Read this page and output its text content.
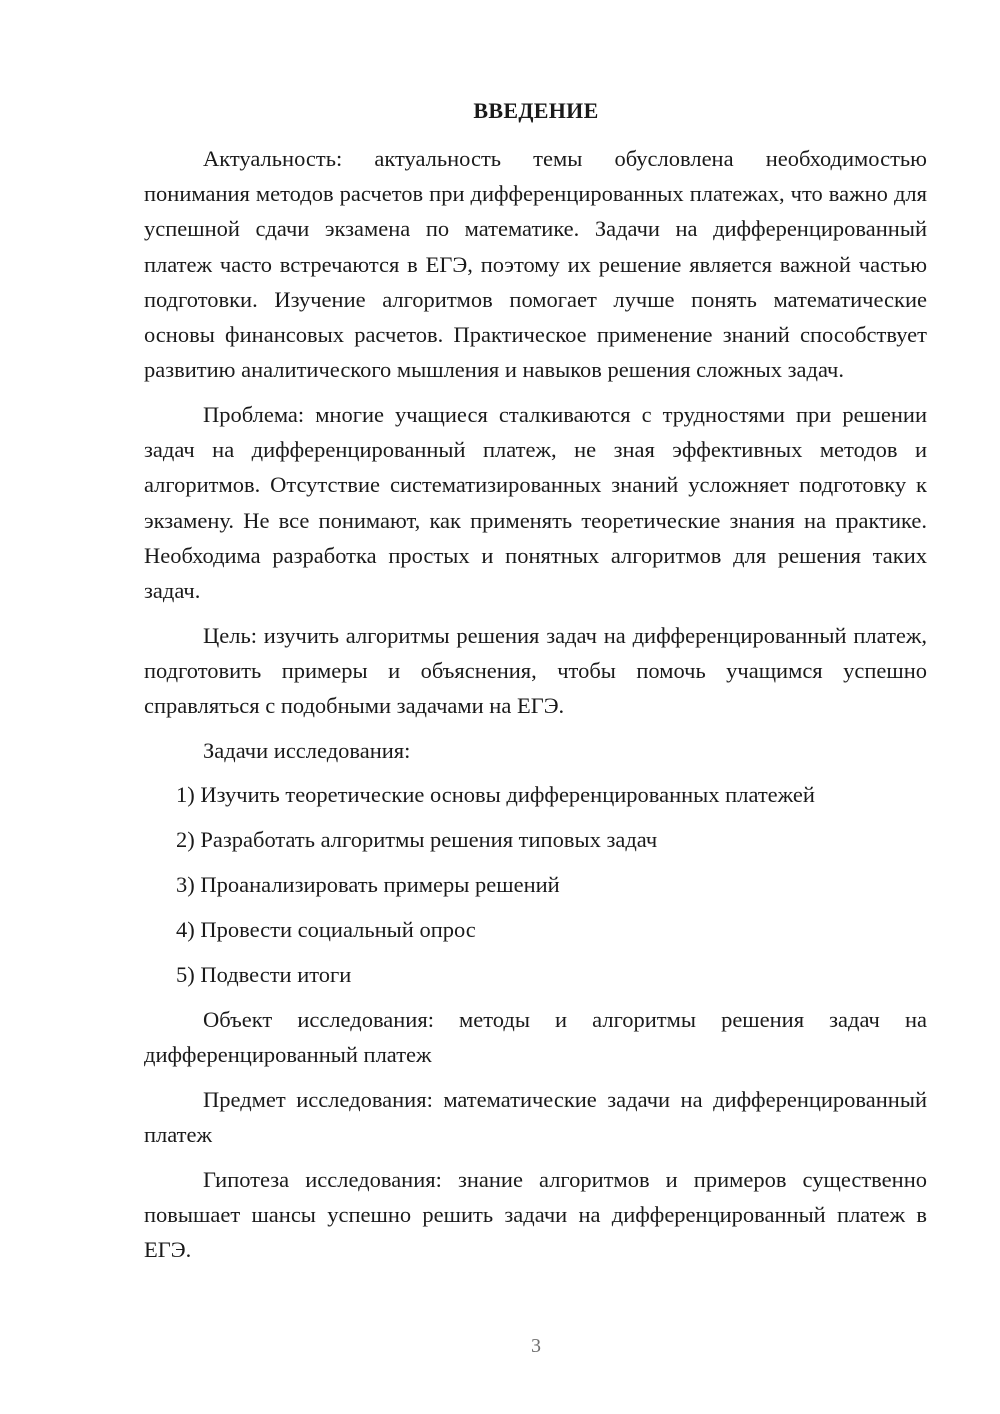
ВВЕДЕНИЕ

Актуальность: актуальность темы обусловлена необходимостью понимания методов расчетов при дифференцированных платежах, что важно для успешной сдачи экзамена по математике. Задачи на дифференцированный платеж часто встречаются в ЕГЭ, поэтому их решение является важной частью подготовки. Изучение алгоритмов помогает лучше понять математические основы финансовых расчетов. Практическое применение знаний способствует развитию аналитического мышления и навыков решения сложных задач.

Проблема: многие учащиеся сталкиваются с трудностями при решении задач на дифференцированный платеж, не зная эффективных методов и алгоритмов. Отсутствие систематизированных знаний усложняет подготовку к экзамену. Не все понимают, как применять теоретические знания на практике. Необходима разработка простых и понятных алгоритмов для решения таких задач.

Цель: изучить алгоритмы решения задач на дифференцированный платеж, подготовить примеры и объяснения, чтобы помочь учащимся успешно справляться с подобными задачами на ЕГЭ.

Задачи исследования:

1) Изучить теоретические основы дифференцированных платежей

2) Разработать алгоритмы решения типовых задач

3) Проанализировать примеры решений

4) Провести социальный опрос

5) Подвести итоги

Объект исследования: методы и алгоритмы решения задач на дифференцированный платеж

Предмет исследования: математические задачи на дифференцированный платеж

Гипотеза исследования: знание алгоритмов и примеров существенно повышает шансы успешно решить задачи на дифференцированный платеж в ЕГЭ.

3
